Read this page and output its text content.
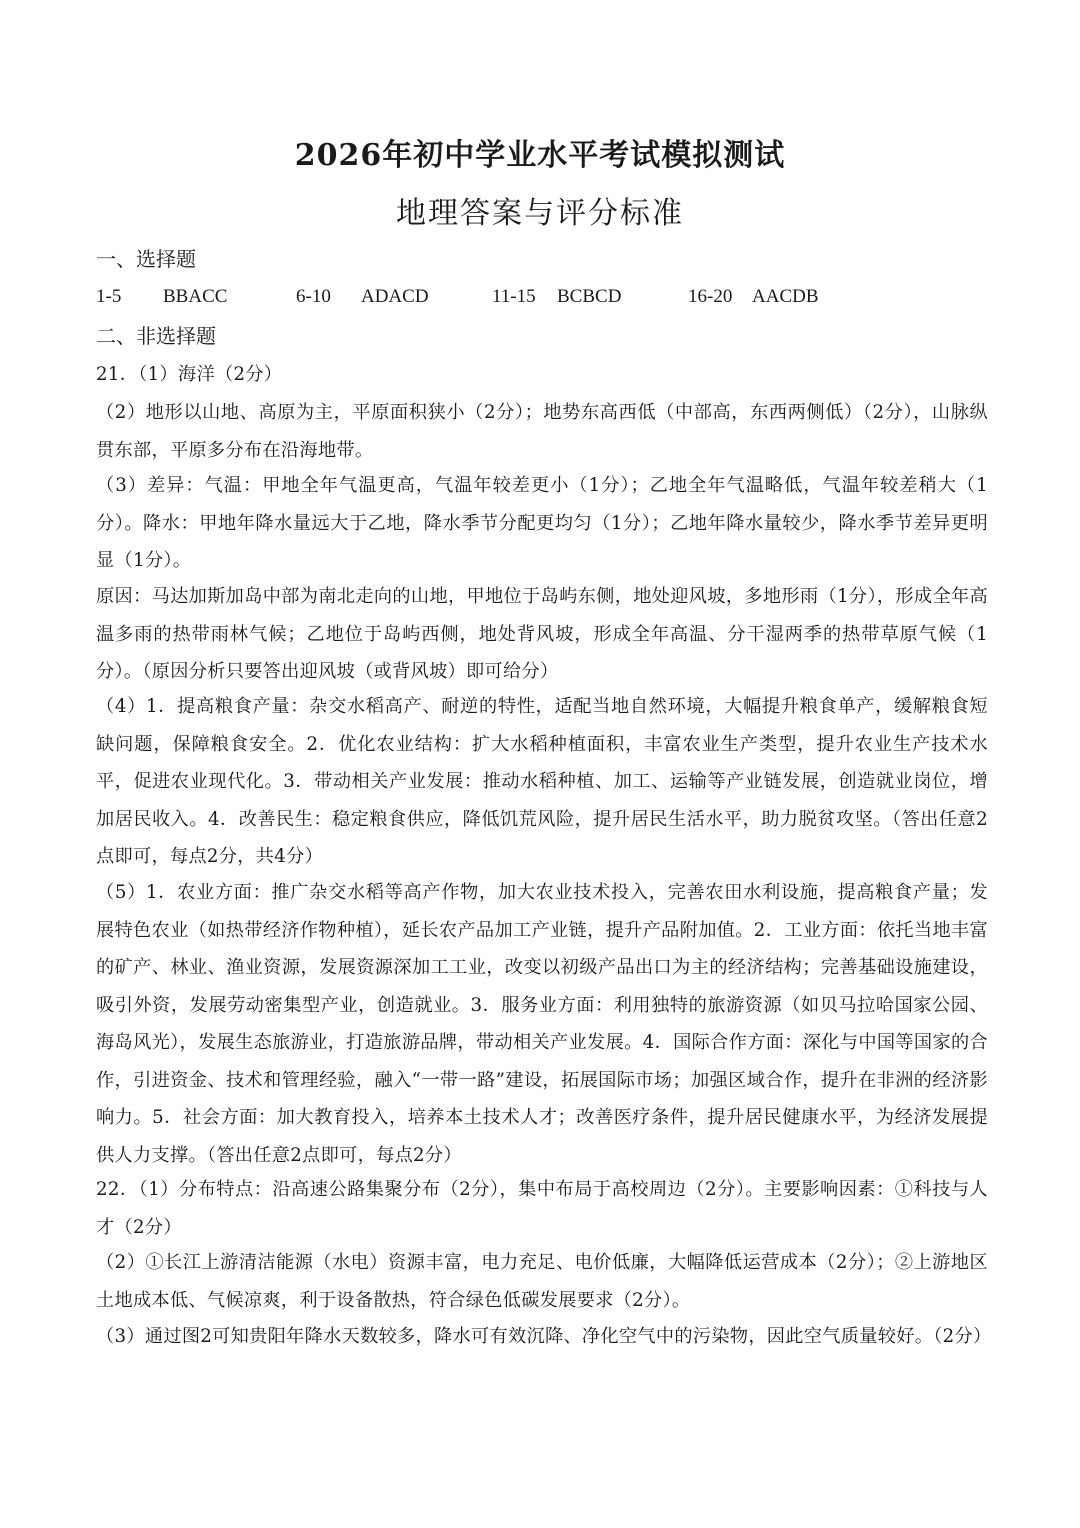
2026年初中学业水平考试模拟测试
地理答案与评分标准
一、选择题
1-5 BBACC	6-10 ADACD	11-15 BCBCD	16-20 AACDB
二、非选择题
21．（1）海洋（2分）
（2）地形以山地、高原为主，平原面积狭小（2分）；地势东高西低（中部高，东西两侧低）（2分），山脉纵贯东部，平原多分布在沿海地带。
（3）差异：气温：甲地全年气温更高，气温年较差更小（1分）；乙地全年气温略低，气温年较差稍大（1分）。降水：甲地年降水量远大于乙地，降水季节分配更均匀（1分）；乙地年降水量较少，降水季节差异更明显（1分）。
原因：马达加斯加岛中部为南北走向的山地，甲地位于岛屿东侧，地处迎风坡，多地形雨（1分），形成全年高温多雨的热带雨林气候；乙地位于岛屿西侧，地处背风坡，形成全年高温、分干湿两季的热带草原气候（1分）。（原因分析只要答出迎风坡（或背风坡）即可给分）
（4）1．提高粮食产量：杂交水稻高产、耐逆的特性，适配当地自然环境，大幅提升粮食单产，缓解粮食短缺问题，保障粮食安全。2．优化农业结构：扩大水稻种植面积，丰富农业生产类型，提升农业生产技术水平，促进农业现代化。3．带动相关产业发展：推动水稻种植、加工、运输等产业链发展，创造就业岗位，增加居民收入。4．改善民生：稳定粮食供应，降低饥荒风险，提升居民生活水平，助力脱贫攻坚。（答出任意2点即可，每点2分，共4分）
（5）1．农业方面：推广杂交水稻等高产作物，加大农业技术投入，完善农田水利设施，提高粮食产量；发展特色农业（如热带经济作物种植），延长农产品加工产业链，提升产品附加值。2．工业方面：依托当地丰富的矿产、林业、渔业资源，发展资源深加工工业，改变以初级产品出口为主的经济结构；完善基础设施建设，吸引外资，发展劳动密集型产业，创造就业。3．服务业方面：利用独特的旅游资源（如贝马拉哈国家公园、海岛风光），发展生态旅游业，打造旅游品牌，带动相关产业发展。4．国际合作方面：深化与中国等国家的合作，引进资金、技术和管理经验，融入“一带一路”建设，拓展国际市场；加强区域合作，提升在非洲的经济影响力。5．社会方面：加大教育投入，培养本土技术人才；改善医疗条件，提升居民健康水平，为经济发展提供人力支撑。（答出任意2点即可，每点2分）
22．（1）分布特点：沿高速公路集聚分布（2分），集中布局于高校周边（2分）。主要影响因素：①科技与人才（2分）
（2）①长江上游清洁能源（水电）资源丰富，电力充足、电价低廉，大幅降低运营成本（2分）；②上游地区土地成本低、气候凉爽，利于设备散热，符合绿色低碳发展要求（2分）。
（3）通过图2可知贵阳年降水天数较多，降水可有效沉降、净化空气中的污染物，因此空气质量较好。（2分）
